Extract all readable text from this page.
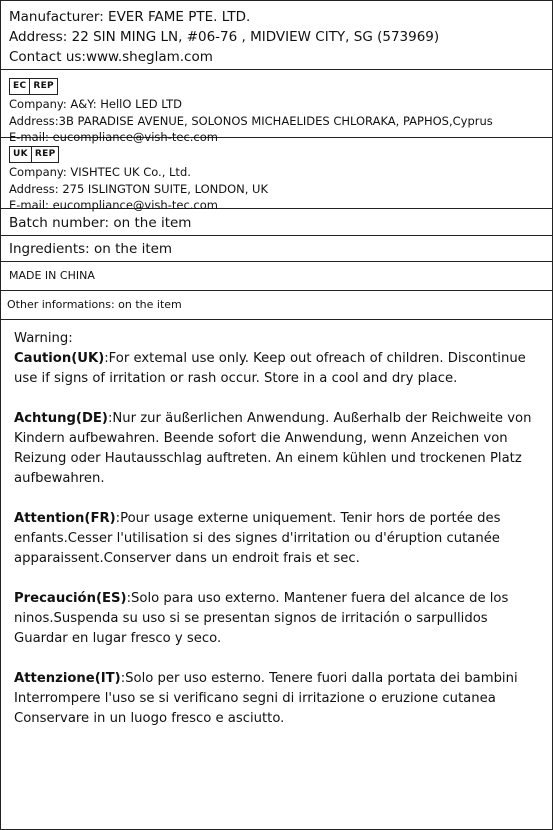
Manufacturer: EVER FAME PTE. LTD.
Address: 22 SIN MING LN, #06-76 , MIDVIEW CITY, SG (573969)
Contact us:www.sheglam.com
EC REP
Company: A&Y: HellO LED LTD
Address:3B PARADISE AVENUE, SOLONOS MICHAELIDES CHLORAKA, PAPHOS,Cyprus
E-mail: eucompliance@vish-tec.com
UK REP
Company: VISHTEC UK Co., Ltd.
Address: 275 ISLINGTON SUITE, LONDON, UK
E-mail: eucompliance@vish-tec.com
Batch number: on the item
Ingredients: on the item
MADE IN CHINA
Other informations: on the item
Warning:

Caution(UK):For extemal use only. Keep out ofreach of children. Discontinue use if signs of irritation or rash occur. Store in a cool and dry place.

Achtung(DE):Nur zur äußerlichen Anwendung. Außerhalb der Reichweite von Kindern aufbewahren. Beende sofort die Anwendung, wenn Anzeichen von Reizung oder Hautausschlag auftreten. An einem kühlen und trockenen Platz aufbewahren.

Attention(FR):Pour usage externe uniquement. Tenir hors de portée des enfants.Cesser l'utilisation si des signes d'irritation ou d'éruption cutanée apparaissent.Conserver dans un endroit frais et sec.

Precaución(ES):Solo para uso externo. Mantener fuera del alcance de los ninos.Suspenda su uso si se presentan signos de irritación o sarpullidos Guardar en lugar fresco y seco.

Attenzione(IT):Solo per uso esterno. Tenere fuori dalla portata dei bambini Interrompere l'uso se si verificano segni di irritazione o eruzione cutanea Conservare in un luogo fresco e asciutto.
